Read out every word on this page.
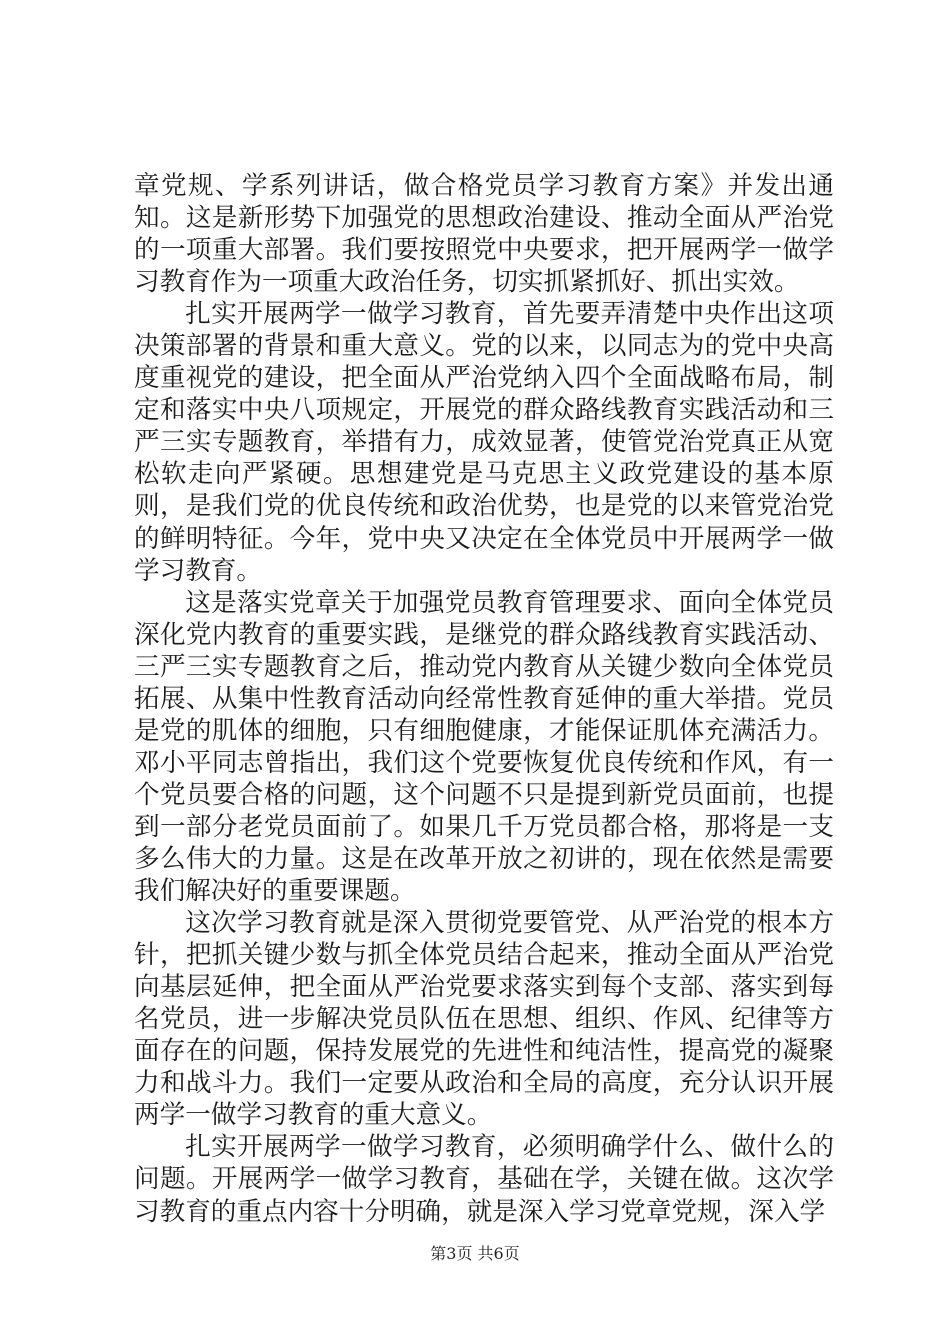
章党规、学系列讲话，做合格党员学习教育方案》并发出通知。这是新形势下加强党的思想政治建设、推动全面从严治党的一项重大部署。我们要按照党中央要求，把开展两学一做学习教育作为一项重大政治任务，切实抓紧抓好、抓出实效。

扎实开展两学一做学习教育，首先要弄清楚中央作出这项决策部署的背景和重大意义。党的以来，以同志为的党中央高度重视党的建设，把全面从严治党纳入四个全面战略布局，制定和落实中央八项规定，开展党的群众路线教育实践活动和三严三实专题教育，举措有力，成效显著，使管党治党真正从宽松软走向严紧硬。思想建党是马克思主义政党建设的基本原则，是我们党的优良传统和政治优势，也是党的以来管党治党的鲜明特征。今年，党中央又决定在全体党员中开展两学一做学习教育。

这是落实党章关于加强党员教育管理要求、面向全体党员深化党内教育的重要实践，是继党的群众路线教育实践活动、三严三实专题教育之后，推动党内教育从关键少数向全体党员拓展、从集中性教育活动向经常性教育延伸的重大举措。党员是党的肌体的细胞，只有细胞健康，才能保证肌体充满活力。邓小平同志曾指出，我们这个党要恢复优良传统和作风，有一个党员要合格的问题，这个问题不只是提到新党员面前，也提到一部分老党员面前了。如果几千万党员都合格，那将是一支多么伟大的力量。这是在改革开放之初讲的，现在依然是需要我们解决好的重要课题。

这次学习教育就是深入贯彻党要管党、从严治党的根本方针，把抓关键少数与抓全体党员结合起来，推动全面从严治党向基层延伸，把全面从严治党要求落实到每个支部、落实到每名党员，进一步解决党员队伍在思想、组织、作风、纪律等方面存在的问题，保持发展党的先进性和纯洁性，提高党的凝聚力和战斗力。我们一定要从政治和全局的高度，充分认识开展两学一做学习教育的重大意义。

扎实开展两学一做学习教育，必须明确学什么、做什么的问题。开展两学一做学习教育，基础在学，关键在做。这次学习教育的重点内容十分明确，就是深入学习党章党规，深入学

第3页 共6页
